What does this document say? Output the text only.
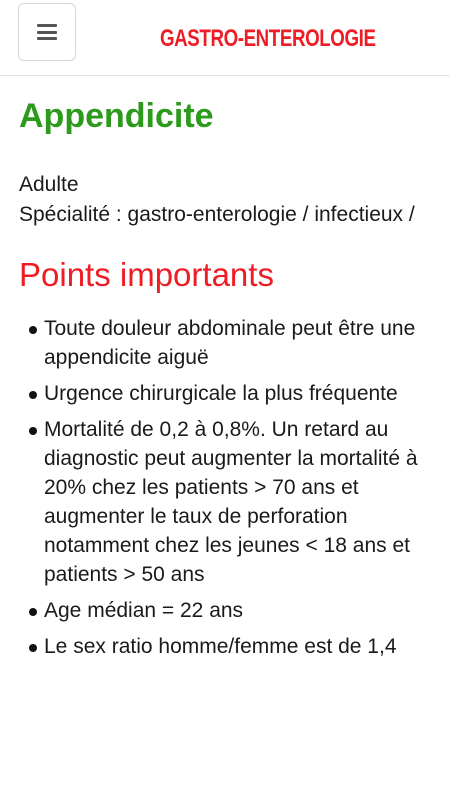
GASTRO-ENTEROLOGIE
Appendicite
Adulte
Spécialité : gastro-enterologie / infectieux /
Points importants
Toute douleur abdominale peut être une appendicite aiguë
Urgence chirurgicale la plus fréquente
Mortalité de 0,2 à 0,8%. Un retard au diagnostic peut augmenter la mortalité à 20% chez les patients > 70 ans et augmenter le taux de perforation notamment chez les jeunes < 18 ans et patients > 50 ans
Age médian = 22 ans
Le sex ratio homme/femme est de 1,4
